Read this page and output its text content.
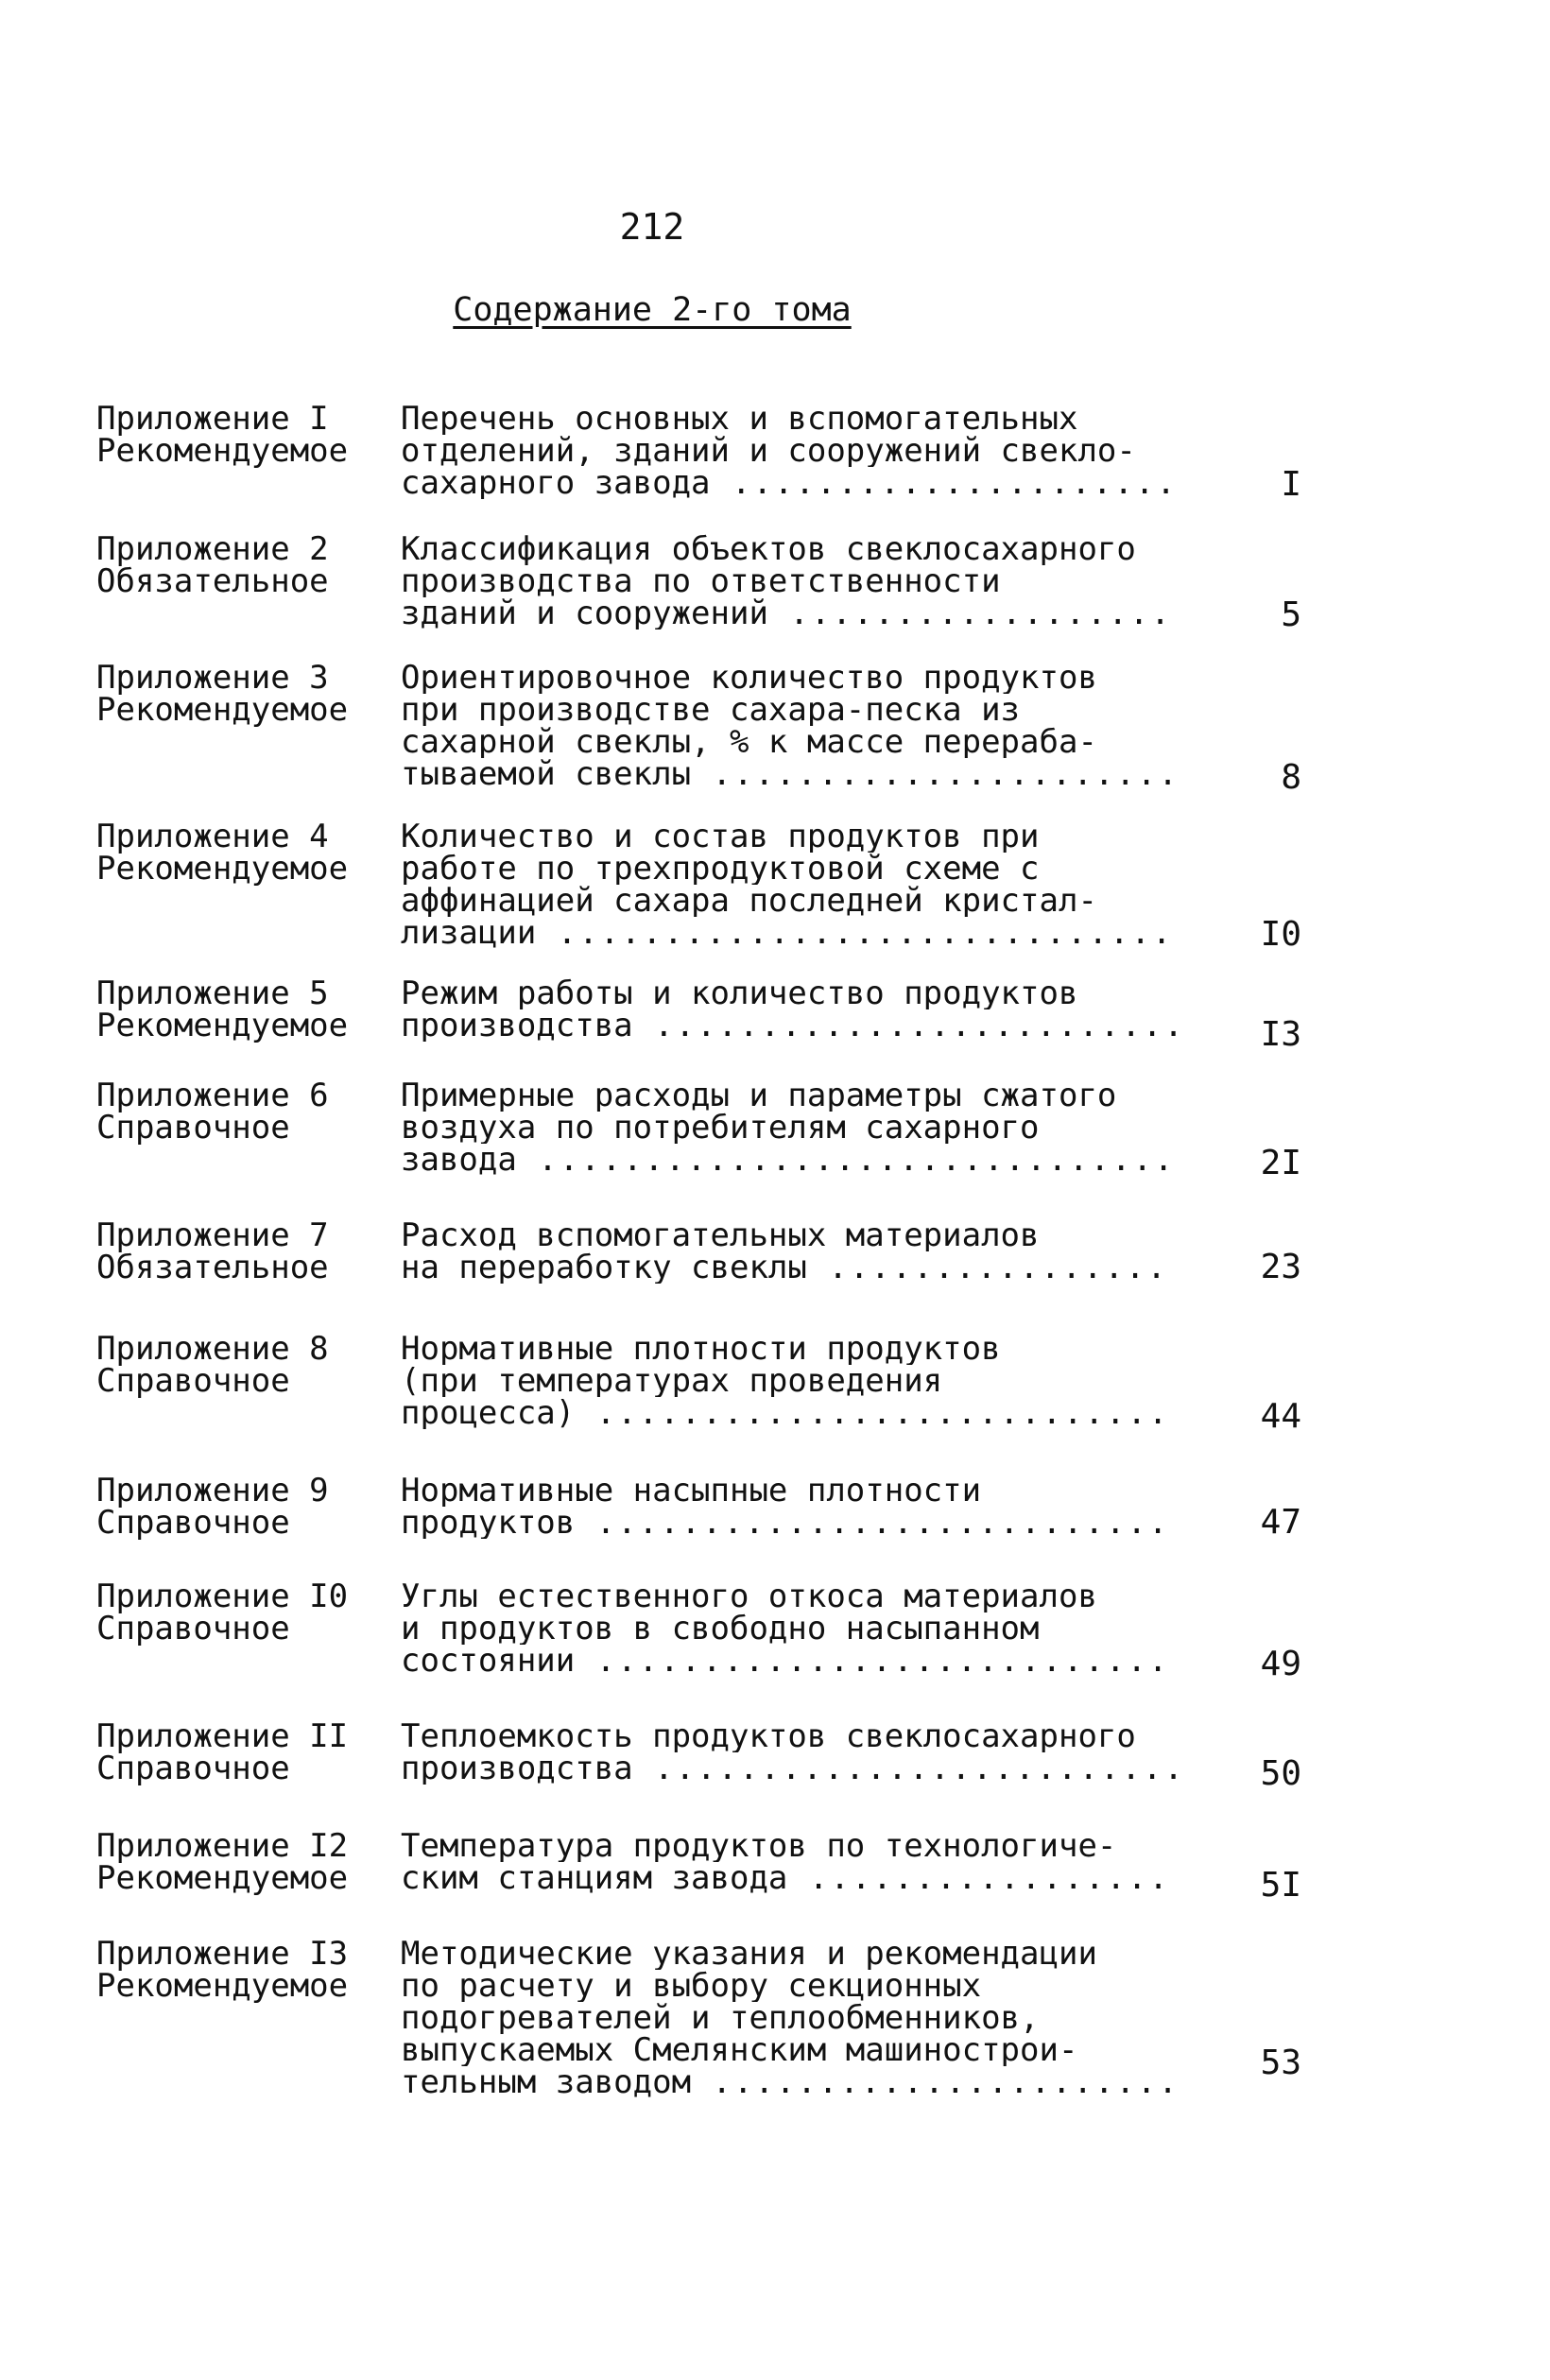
212
Содержание 2-го тома
Приложение I
Рекомендуемое
Перечень основных и вспомогательных
отделений, зданий и сооружений свекло-
сахарного завода .....	I
Приложение 2
Обязательное
Классификация объектов свеклосахарного
производства по ответственности
зданий и сооружений .....	5
Приложение 3
Рекомендуемое
Ориентировочное количество продуктов
при производстве сахара-песка из
сахарной свеклы, % к массе перераба-
тываемой свеклы .....	8
Приложение 4
Рекомендуемое
Количество и состав продуктов при
работе по трехпродуктовой схеме с
аффинацией сахара последней кристал-
лизации .....	I0
Приложение 5
Рекомендуемое
Режим работы и количество продуктов
производства .....	I3
Приложение 6
Справочное
Примерные расходы и параметры сжатого
воздуха по потребителям сахарного
завода .....	2I
Приложение 7
Обязательное
Расход вспомогательных материалов
на переработку свеклы .....	23
Приложение 8
Справочное
Нормативные плотности продуктов
(при температурах проведения
процесса) .....	44
Приложение 9
Справочное
Нормативные насыпные плотности
продуктов .....	47
Приложение I0
Справочное
Углы естественного откоса материалов
и продуктов в свободно насыпанном
состоянии .....	49
Приложение II
Справочное
Теплоемкость продуктов свеклосахарного
производства .....	50
Приложение I2
Рекомендуемое
Температура продуктов по технологиче-
ским станциям завода .....	5I
Приложение I3
Рекомендуемое
Методические указания и рекомендации
по расчету и выбору секционных
подогревателей и теплообменников,
выпускаемых Смелянским машинострои-
тельным заводом .....	53
